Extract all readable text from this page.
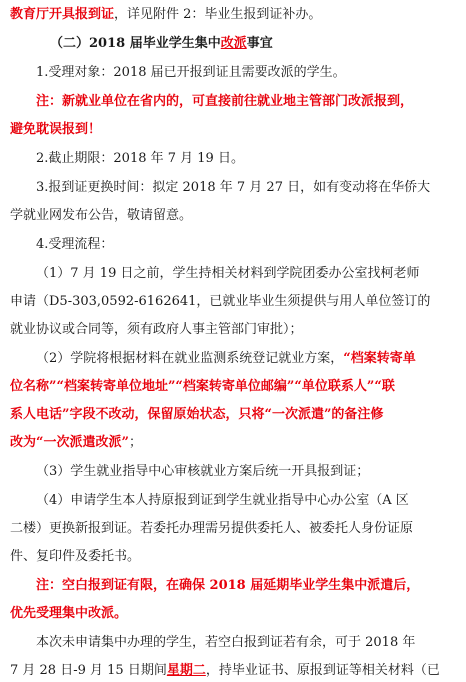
教育厅开具报到证，详见附件 2：毕业生报到证补办。

（二）2018 届毕业学生集中改派事宜

1.受理对象：2018 届已开报到证且需要改派的学生。

注：新就业单位在省内的，可直接前往就业地主管部门改派报到，

避免耽误报到！

2.截止期限：2018 年 7 月 19 日。

3.报到证更换时间：拟定 2018 年 7 月 27 日，如有变动将在华侨大

学就业网发布公告，敬请留意。

4.受理流程：

（1）7 月 19 日之前，学生持相关材料到学院团委办公室找柯老师

申请（D5-303,0592-6162641，已就业毕业生须提供与用人单位签订的

就业协议或合同等，须有政府人事主管部门审批）；

（2）学院将根据材料在就业监测系统登记就业方案，“档案转寄单

位名称”“档案转寄单位地址”“档案转寄单位邮编”“单位联系人”“联

系人电话”字段不改动，保留原始状态，只将“一次派遣”的备注修

改为“一次派遣改派”；

（3）学生就业指导中心审核就业方案后统一开具报到证；

（4）申请学生本人持原报到证到学生就业指导中心办公室（A 区

二楼）更换新报到证。若委托办理需另提供委托人、被委托人身份证原

件、复印件及委托书。

注：空白报到证有限，在确保 2018 届延期毕业学生集中派遣后，

优先受理集中改派。

本次未申请集中办理的学生，若空白报到证若有余，可于 2018 年

7 月 28 日-9 月 15 日期间星期二，持毕业证书、原报到证等相关材料（已
